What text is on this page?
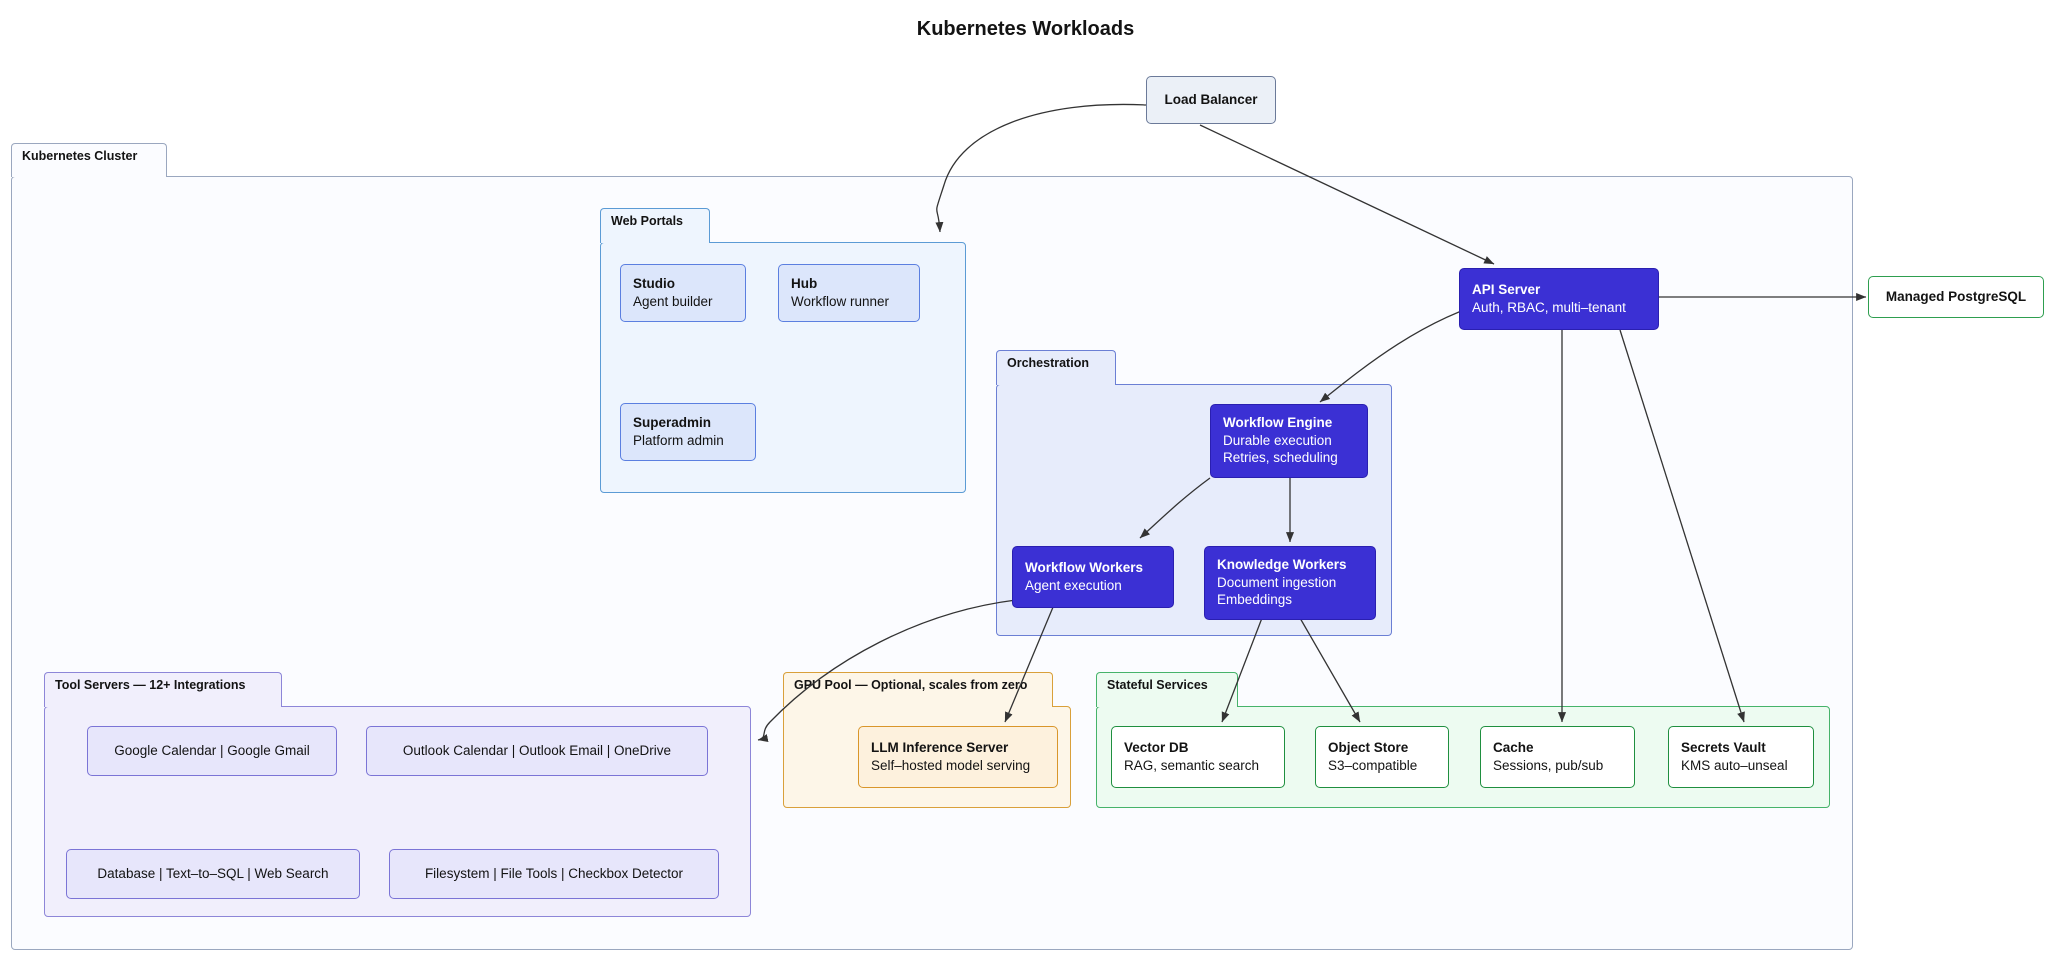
Kubernetes Workloads
Kubernetes Cluster
Web Portals
Orchestration
Tool Servers — 12+ Integrations	GPU Pool — Optional, scales from zero	Stateful Services
Load Balancer
API Server
Auth, RBAC, multi–tenant
Managed PostgreSQL
Studio
Agent builder
Hub
Workflow runner
Superadmin
Platform admin
Workflow Engine
Durable execution
Retries, scheduling
Workflow Workers
Agent execution
Knowledge Workers
Document ingestion
Embeddings
LLM Inference Server
Self–hosted model serving
Vector DB
RAG, semantic search
Object Store
S3–compatible
Cache
Sessions, pub/sub
Secrets Vault
KMS auto–unseal
Google Calendar | Google Gmail	Outlook Calendar | Outlook Email | OneDrive
Database | Text–to–SQL | Web Search	Filesystem | File Tools | Checkbox Detector
